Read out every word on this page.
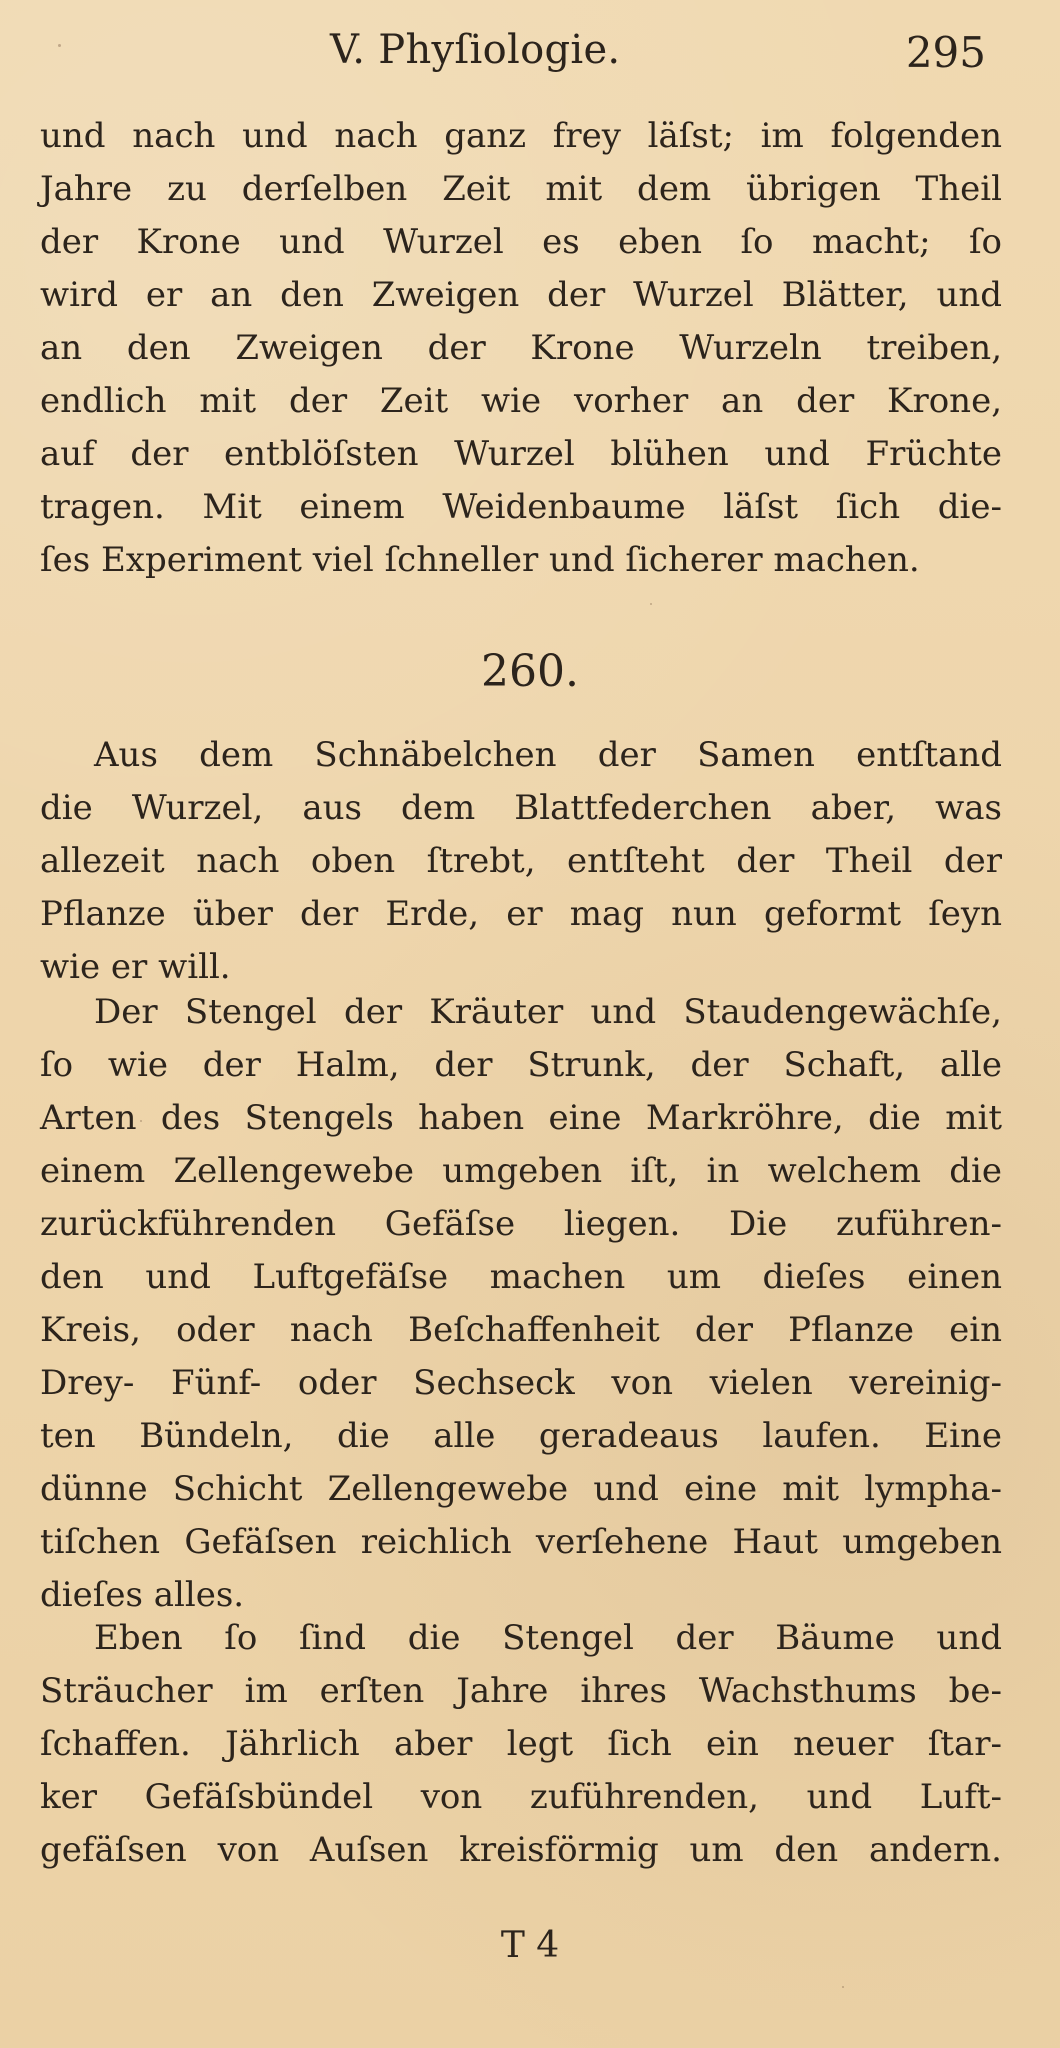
V. Phyſiologie.	295
und nach und nach ganz frey läſst; im folgenden
Jahre zu derſelben Zeit mit dem übrigen Theil
der Krone und Wurzel es eben ſo macht; ſo
wird er an den Zweigen der Wurzel Blätter, und
an den Zweigen der Krone Wurzeln treiben,
endlich mit der Zeit wie vorher an der Krone,
auf der entblöſsten Wurzel blühen und Früchte
tragen. Mit einem Weidenbaume läſst ſich die-
ſes Experiment viel ſchneller und ſicherer machen.
260.
Aus dem Schnäbelchen der Samen entſtand
die Wurzel, aus dem Blattfederchen aber, was
allezeit nach oben ſtrebt, entſteht der Theil der
Pflanze über der Erde, er mag nun geformt ſeyn
wie er will.
Der Stengel der Kräuter und Staudengewächſe,
ſo wie der Halm, der Strunk, der Schaft, alle
Arten des Stengels haben eine Markröhre, die mit
einem Zellengewebe umgeben iſt, in welchem die
zurückführenden Gefäſse liegen. Die zuführen-
den und Luftgefäſse machen um dieſes einen
Kreis, oder nach Beſchaffenheit der Pflanze ein
Drey- Fünf- oder Sechseck von vielen vereinig-
ten Bündeln, die alle geradeaus laufen. Eine
dünne Schicht Zellengewebe und eine mit lympha-
tiſchen Gefäſsen reichlich verſehene Haut umgeben
dieſes alles.
Eben ſo ſind die Stengel der Bäume und
Sträucher im erſten Jahre ihres Wachsthums be-
ſchaffen. Jährlich aber legt ſich ein neuer ſtar-
ker Gefäſsbündel von zuführenden, und Luft-
gefäſsen von Auſsen kreisförmig um den andern.
T 4
